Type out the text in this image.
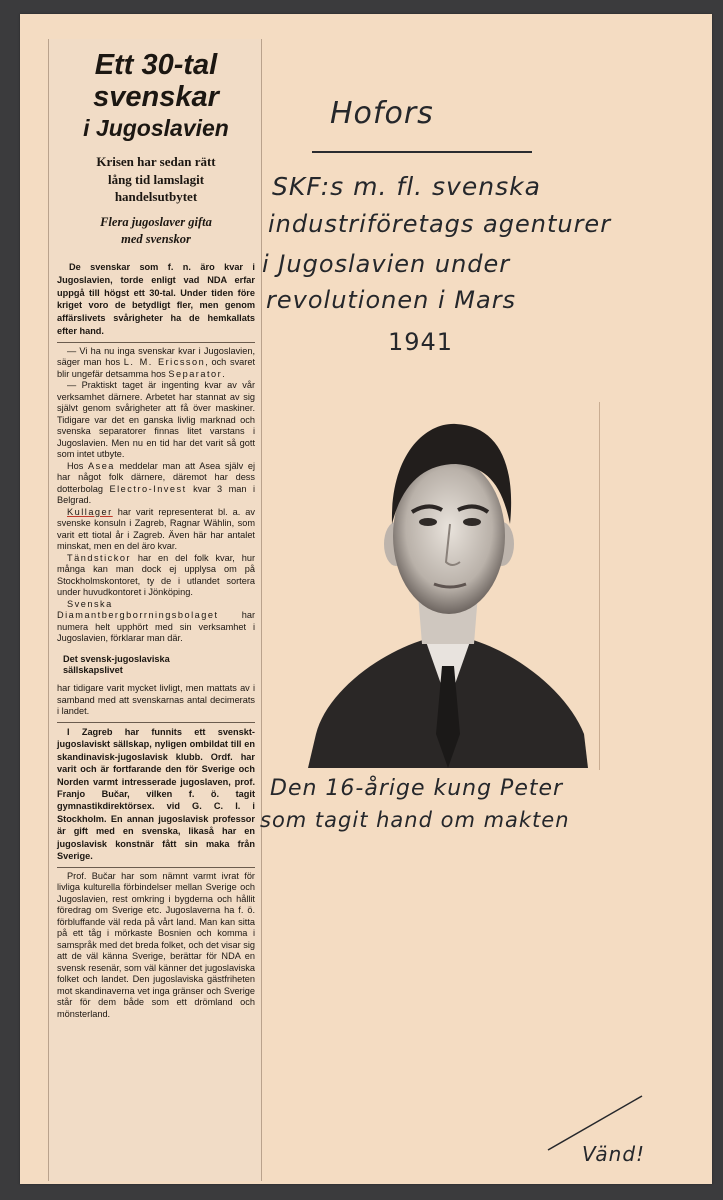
Ett 30-tal

svenskar

i Jugoslavien

Krisen har sedan rätt
lång tid lamslagit
handelsutbytet

Flera jugoslaver gifta
med svenskor

De svenskar som f. n. äro kvar i Jugoslavien, torde enligt vad NDA erfar uppgå till högst ett 30-tal. Under tiden före kriget voro de betydligt fler, men genom affärslivets svårigheter ha de hemkallats efter hand.

— Vi ha nu inga svenskar kvar i Jugoslavien, säger man hos L. M. Ericsson, och svaret blir ungefär detsamma hos Separator.

— Praktiskt taget är ingenting kvar av vår verksamhet därnere. Arbetet har stannat av sig självt genom svårigheter att få över maskiner. Tidigare var det en ganska livlig marknad och svenska separatorer finnas litet varstans i Jugoslavien. Men nu en tid har det varit så gott som intet utbyte.

Hos Asea meddelar man att Asea själv ej har något folk därnere, däremot har dess dotterbolag Electro-Invest kvar 3 man i Belgrad.

Kullager har varit representerat bl. a. av svenske konsuln i Zagreb, Ragnar Wählin, som varit ett tiotal år i Zagreb. Även här har antalet minskat, men en del äro kvar.

Tändstickor har en del folk kvar, hur många kan man dock ej upplysa om på Stockholmskontoret, ty de i utlandet sortera under huvudkontoret i Jönköping.

Svenska Diamantbergborrningsbolaget	har numera helt upphört med sin verksamhet i Jugoslavien, förklarar man där.

Det svensk-jugoslaviska
sällskapslivet

har tidigare varit mycket livligt, men mattats av i samband med att svenskarnas antal decimerats i landet.

I Zagreb har funnits ett svenskt-jugoslaviskt sällskap, nyligen ombildat till en skandinavisk-jugoslavisk klubb. Ordf. har varit och är fortfarande den för Sverige och Norden varmt intresserade jugoslaven, prof. Franjo Bučar, vilken f. ö. tagit gymnastikdirektörsex. vid G. C. I. i Stockholm. En annan jugoslavisk professor är gift med en svenska, likaså har en jugoslavisk konstnär fått sin maka från Sverige.

Prof. Bučar har som nämnt varmt ivrat för livliga kulturella förbindelser mellan Sverige och Jugoslavien, rest omkring i bygderna och hållit föredrag om Sverige etc. Jugoslaverna ha f. ö. förbluffande väl reda på vårt land. Man kan sitta på ett tåg i mörkaste Bosnien och komma i samspråk med det breda folket, och det visar sig att de väl känna Sverige, berättar för NDA en svensk resenär, som väl känner det jugoslaviska folket och landet. Den jugoslaviska gästfriheten mot skandinaverna vet inga gränser och Sverige står för dem både som ett drömland och mönsterland.

Hofors

SKF:s m. fl. svenska

industriföretags agenturer

i Jugoslavien under

revolutionen i Mars

1941

Den 16-årige kung Peter

som tagit hand om makten

Vänd!
